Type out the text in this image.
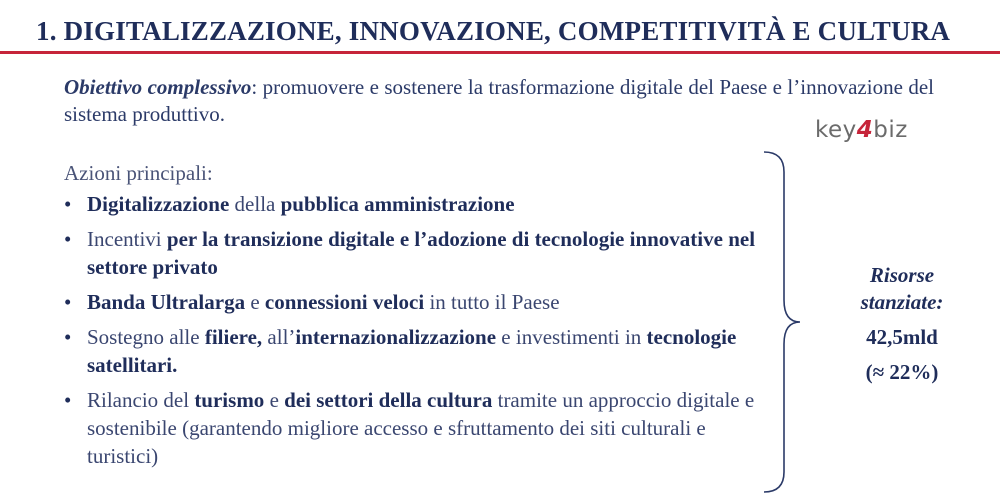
1. DIGITALIZZAZIONE, INNOVAZIONE, COMPETITIVITÀ E CULTURA
Obiettivo complessivo: promuovere e sostenere la trasformazione digitale del Paese e l’innovazione del sistema produttivo.
key4biz
Azioni principali:
• Digitalizzazione della pubblica amministrazione
• Incentivi per la transizione digitale e l’adozione di tecnologie innovative nel settore privato
• Banda Ultralarga e connessioni veloci in tutto il Paese
• Sostegno alle filiere, all’internazionalizzazione e investimenti in tecnologie satellitari.
• Rilancio del turismo e dei settori della cultura tramite un approccio digitale e sostenibile (garantendo migliore accesso e sfruttamento dei siti culturali e turistici)
Risorse
stanziate:
42,5mld
(≈ 22%)
